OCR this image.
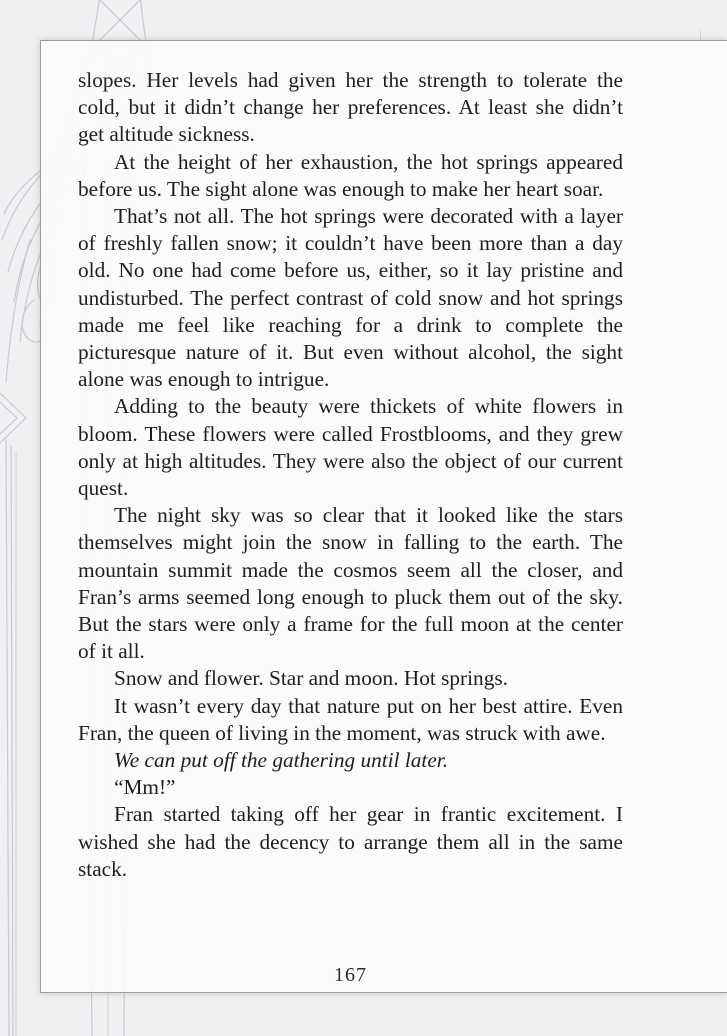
slopes. Her levels had given her the strength to tolerate the cold, but it didn’t change her preferences. At least she didn’t get altitude sickness.

At the height of her exhaustion, the hot springs appeared before us. The sight alone was enough to make her heart soar.

That’s not all. The hot springs were decorated with a layer of freshly fallen snow; it couldn’t have been more than a day old. No one had come before us, either, so it lay pristine and undisturbed. The perfect contrast of cold snow and hot springs made me feel like reaching for a drink to complete the picturesque nature of it. But even without alcohol, the sight alone was enough to intrigue.

Adding to the beauty were thickets of white flowers in bloom. These flowers were called Frostblooms, and they grew only at high altitudes. They were also the object of our current quest.

The night sky was so clear that it looked like the stars themselves might join the snow in falling to the earth. The mountain summit made the cosmos seem all the closer, and Fran’s arms seemed long enough to pluck them out of the sky. But the stars were only a frame for the full moon at the center of it all.

Snow and flower. Star and moon. Hot springs.

It wasn’t every day that nature put on her best attire. Even Fran, the queen of living in the moment, was struck with awe.

We can put off the gathering until later.

“Mm!”

Fran started taking off her gear in frantic excitement. I wished she had the decency to arrange them all in the same stack.

167
